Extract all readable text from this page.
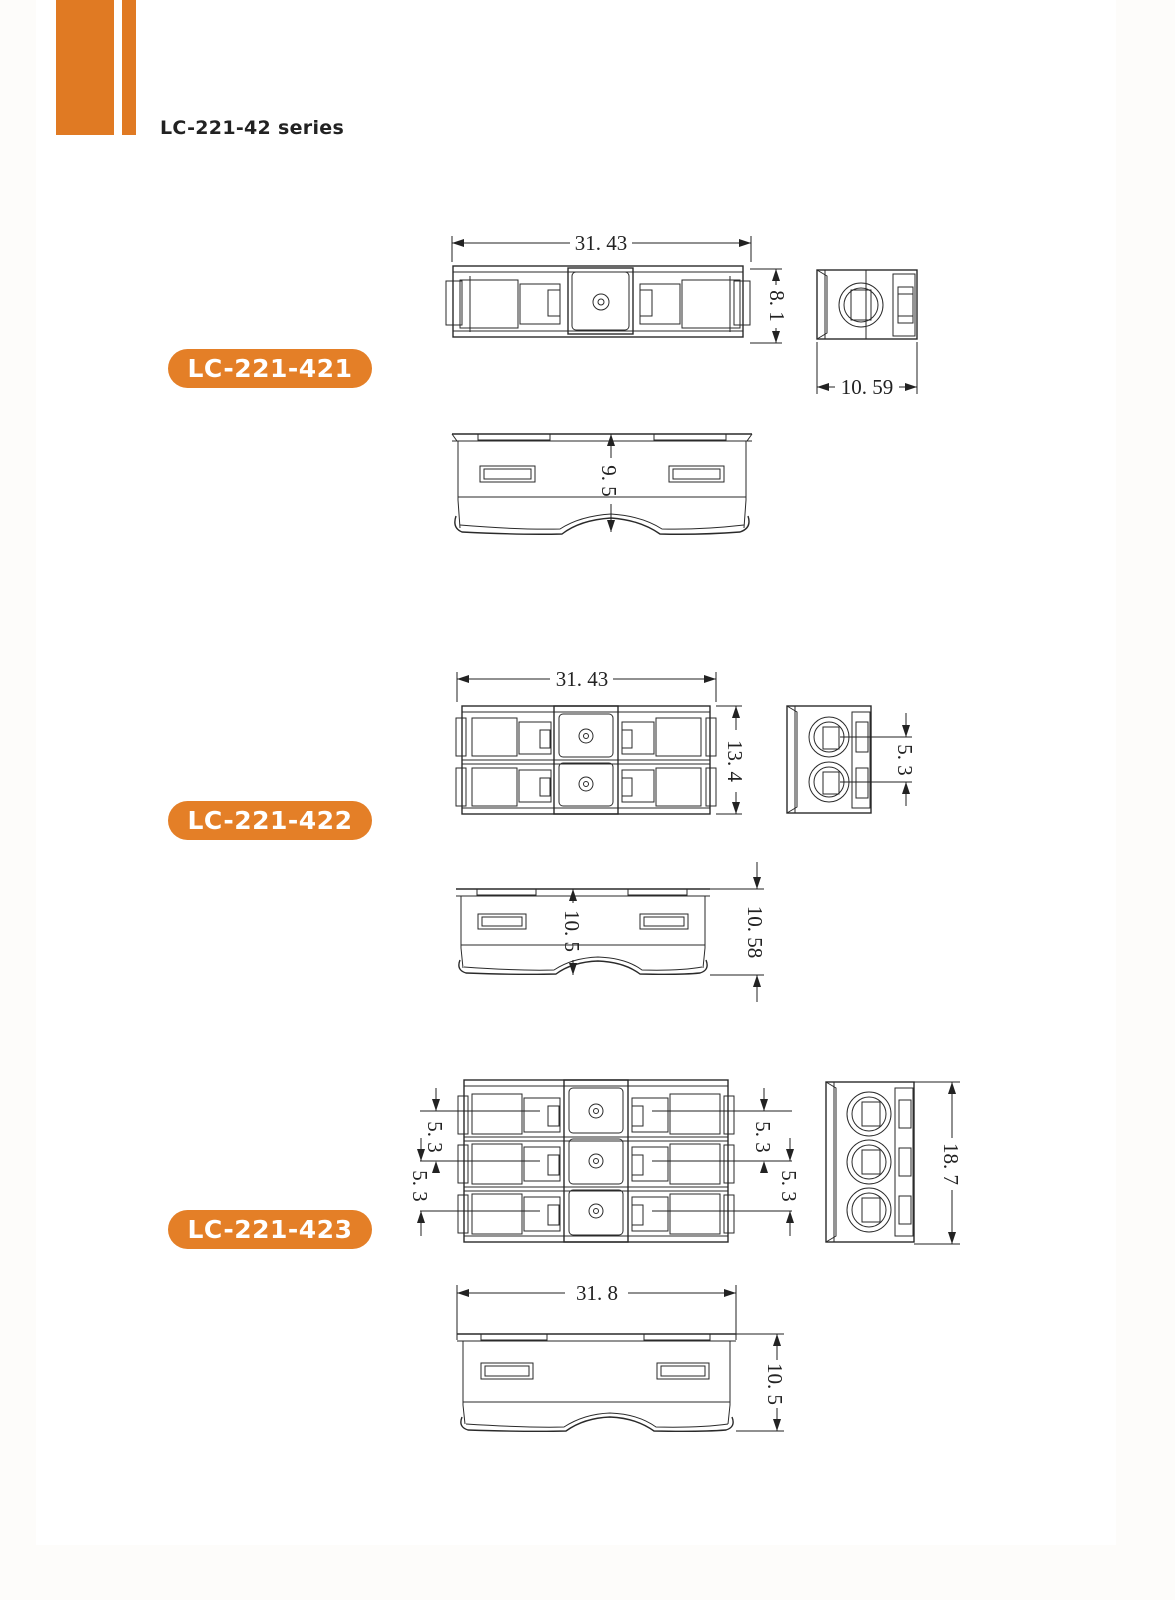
LC-221-42 series
LC-221-421
LC-221-422
LC-221-423
31. 43
8. 1
10. 59
9. 5
31. 43
13. 4	5. 3
10. 5	10. 58
5. 3
5. 3
5. 3
5. 3
18. 7
31. 8
10. 5
